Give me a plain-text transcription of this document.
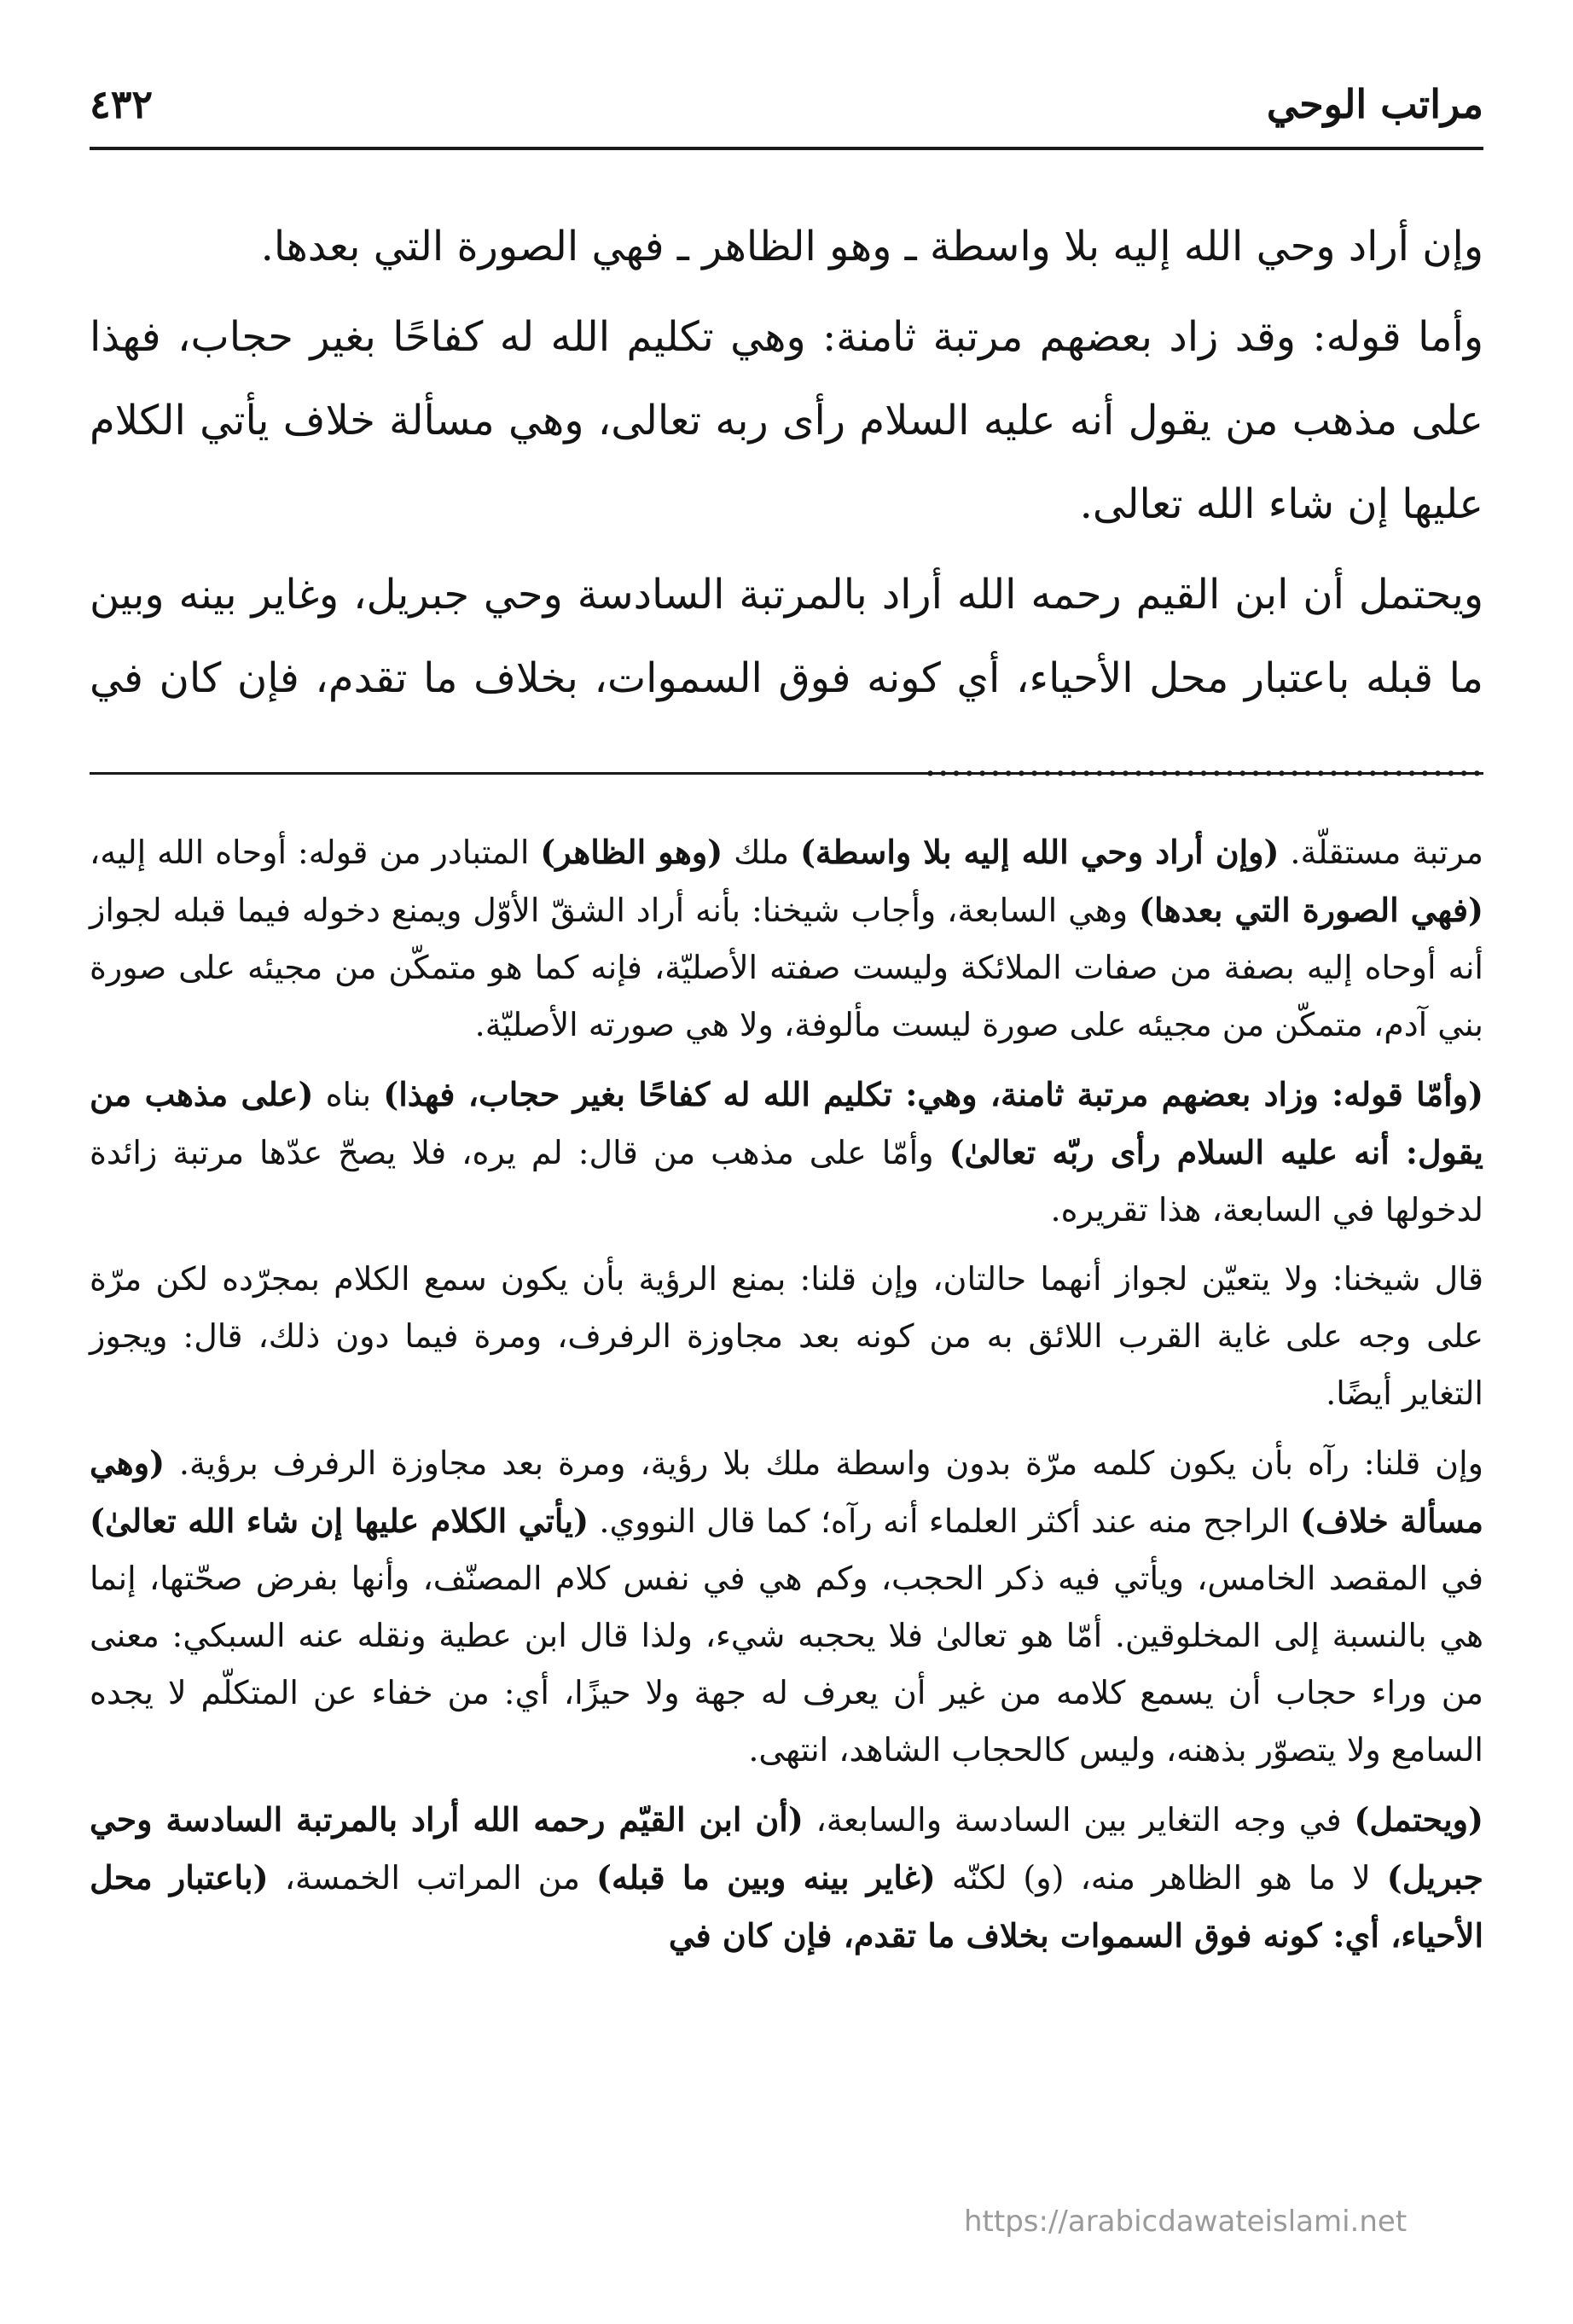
مراتب الوحي
٤٣٢

وإن أراد وحي الله إليه بلا واسطة ـ وهو الظاهر ـ فهي الصورة التي بعدها.

وأما قوله: وقد زاد بعضهم مرتبة ثامنة: وهي تكليم الله له كفاحًا بغير حجاب، فهذا على مذهب من يقول أنه عليه السلام رأى ربه تعالى، وهي مسألة خلاف يأتي الكلام عليها إن شاء الله تعالى.

ويحتمل أن ابن القيم رحمه الله أراد بالمرتبة السادسة وحي جبريل، وغاير بينه وبين ما قبله باعتبار محل الأحياء، أي كونه فوق السموات، بخلاف ما تقدم، فإن كان في ...........................................

مرتبة مستقلّة. (وإن أراد وحي الله إليه بلا واسطة) ملك (وهو الظاهر) المتبادر من قوله: أوحاه الله إليه، (فهي الصورة التي بعدها) وهي السابعة، وأجاب شيخنا: بأنه أراد الشقّ الأوّل ويمنع دخوله فيما قبله لجواز أنه أوحاه إليه بصفة من صفات الملائكة وليست صفته الأصليّة، فإنه كما هو متمكّن من مجيئه على صورة بني آدم، متمكّن من مجيئه على صورة ليست مألوفة، ولا هي صورته الأصليّة.

(وأمّا قوله: وزاد بعضهم مرتبة ثامنة، وهي: تكليم الله له كفاحًا بغير حجاب، فهذا) بناه (على مذهب من يقول: أنه عليه السلام رأى ربّه تعالىٰ) وأمّا على مذهب من قال: لم يره، فلا يصحّ عدّها مرتبة زائدة لدخولها في السابعة، هذا تقريره.

قال شيخنا: ولا يتعيّن لجواز أنهما حالتان، وإن قلنا: بمنع الرؤية بأن يكون سمع الكلام بمجرّده لكن مرّة على وجه على غاية القرب اللائق به من كونه بعد مجاوزة الرفرف، ومرة فيما دون ذلك، قال: ويجوز التغاير أيضًا.

وإن قلنا: رآه بأن يكون كلمه مرّة بدون واسطة ملك بلا رؤية، ومرة بعد مجاوزة الرفرف برؤية. (وهي مسألة خلاف) الراجح منه عند أكثر العلماء أنه رآه؛ كما قال النووي. (يأتي الكلام عليها إن شاء الله تعالىٰ) في المقصد الخامس، ويأتي فيه ذكر الحجب، وكم هي في نفس كلام المصنّف، وأنها بفرض صحّتها، إنما هي بالنسبة إلى المخلوقين. أمّا هو تعالىٰ فلا يحجبه شيء، ولذا قال ابن عطية ونقله عنه السبكي: معنى من وراء حجاب أن يسمع كلامه من غير أن يعرف له جهة ولا حيزًا، أي: من خفاء عن المتكلّم لا يجده السامع ولا يتصوّر بذهنه، وليس كالحجاب الشاهد، انتهى.

(ويحتمل) في وجه التغاير بين السادسة والسابعة، (أن ابن القيّم رحمه الله أراد بالمرتبة السادسة وحي جبريل) لا ما هو الظاهر منه، (و) لكنّه (غاير بينه وبين ما قبله) من المراتب الخمسة، (باعتبار محل الأحياء، أي: كونه فوق السموات بخلاف ما تقدم، فإن كان في

https://arabicdawateislami.net
